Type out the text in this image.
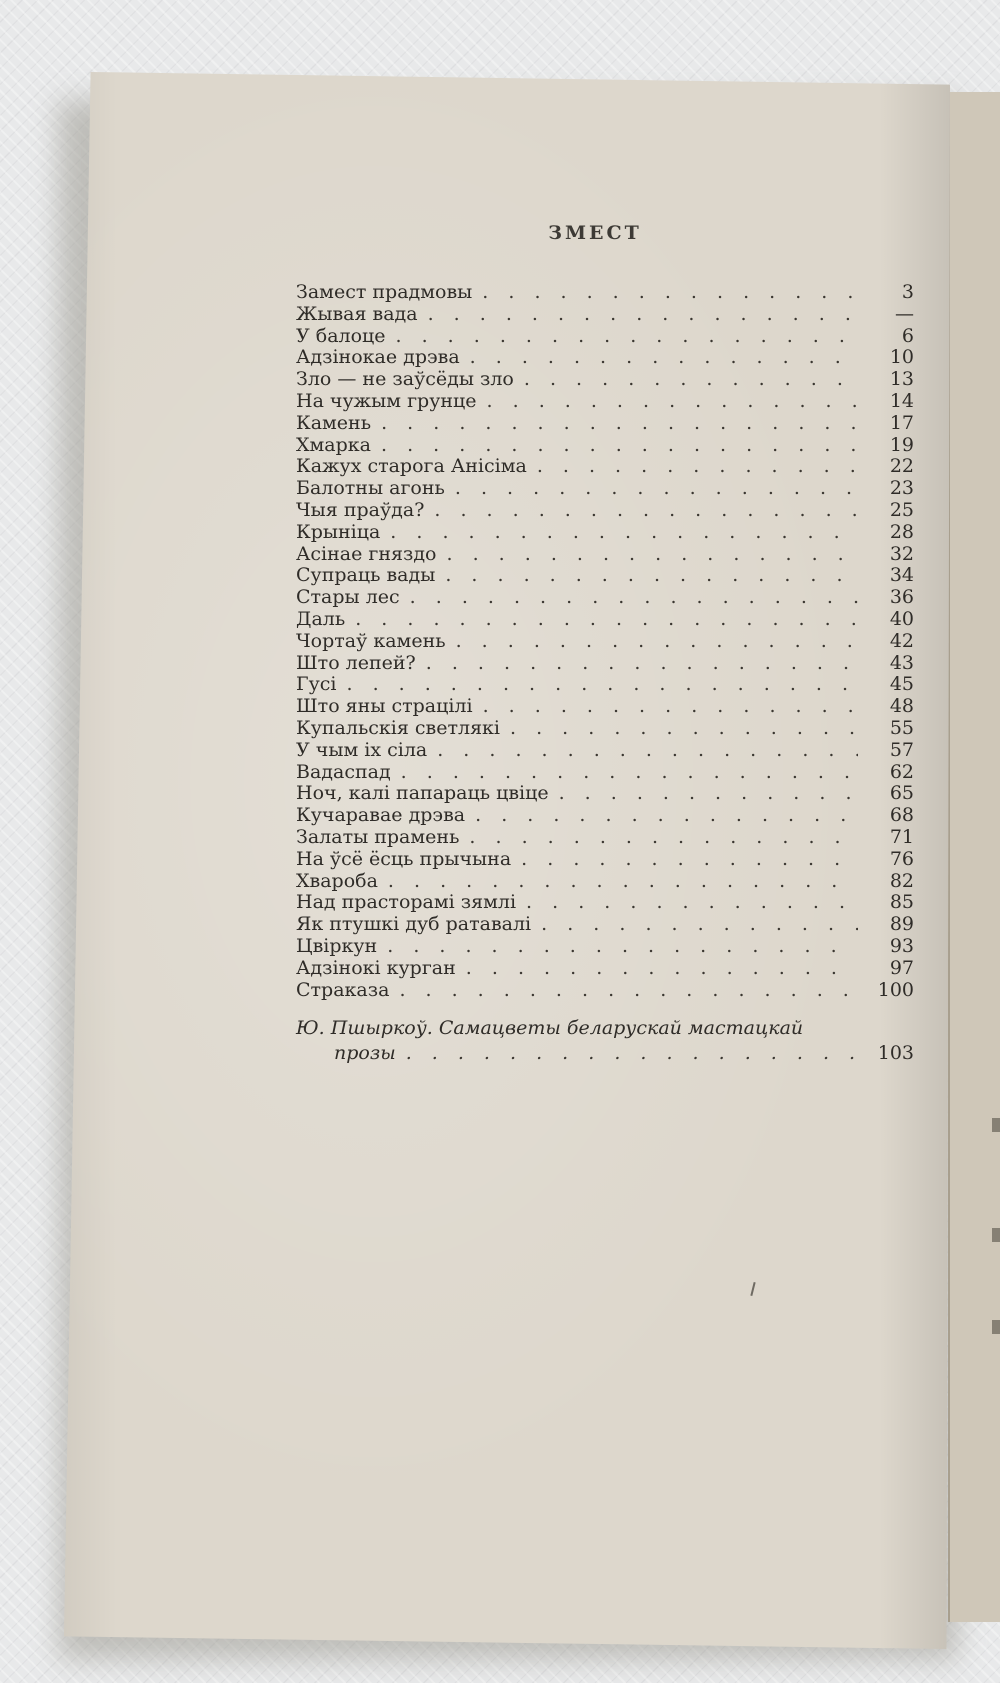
ЗМЕСТ
Замест прадмовы . . .	3
Жывая вада . . .	—
У балоце . . .	6
Адзінокае дрэва . . .	10
Зло — не заўсёды зло . . .	13
На чужым грунце . . .	14
Камень . . .	17
Хмарка . . .	19
Кажух старога Анісіма . . .	22
Балотны агонь . . .	23
Чыя праўда? . . .	25
Крыніца . . .	28
Асінае гняздо . . .	32
Супраць вады . . .	34
Стары лес . . .	36
Даль . . .	40
Чортаў камень . . .	42
Што лепей? . . .	43
Гусі . . .	45
Што яны страцілі . . .	48
Купальскія светлякі . . .	55
У чым іх сіла . . .	57
Вадаспад . . .	62
Ноч, калі папараць цвіце . . .	65
Кучаравае дрэва . . .	68
Залаты прамень . . .	71
На ўсё ёсць прычына . . .	76
Хвароба . . .	82
Над прасторамі зямлі . . .	85
Як птушкі дуб ратавалі . . .	89
Цвіркун . . .	93
Адзінокі курган . . .	97
Страказа . . .	100
Ю. Пшыркоў. Самацветы беларускай мастацкай
прозы . . .	103
